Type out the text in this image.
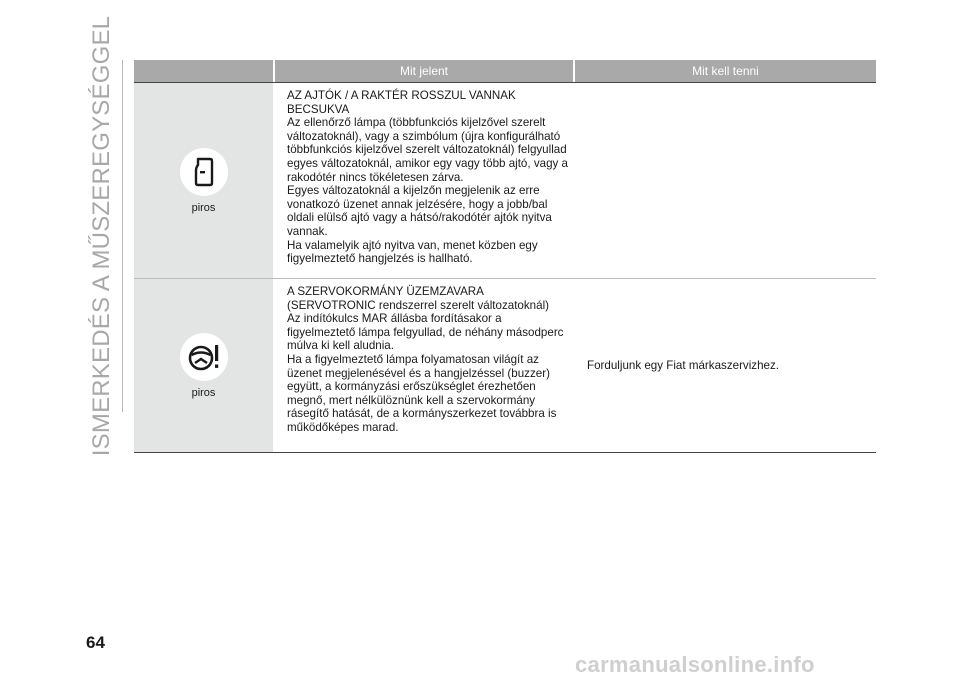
ISMERKEDÉS A MŰSZEREGYSÉGGEL	Mit jelent	Mit kell tenni
piros
AZ AJTÓK / A RAKTÉR ROSSZUL VANNAK BECSUKVA
Az ellenőrző lámpa (többfunkciós kijelzővel szerelt változatoknál), vagy a szimbólum (újra konfigurálható többfunkciós kijelzővel szerelt változatoknál) felgyullad egyes változatoknál, amikor egy vagy több ajtó, vagy a rakodótér nincs tökéletesen zárva.
Egyes változatoknál a kijelzőn megjelenik az erre vonatkozó üzenet annak jelzésére, hogy a jobb/bal oldali elülső ajtó vagy a hátsó/rakodótér ajtók nyitva vannak.
Ha valamelyik ajtó nyitva van, menet közben egy figyelmeztető hangjelzés is hallható.
piros
A SZERVOKORMÁNY ÜZEMZAVARA (SERVOTRONIC rendszerrel szerelt változatoknál)
Az indítókulcs MAR állásba fordításakor a figyelmeztető lámpa felgyullad, de néhány másodperc múlva ki kell aludnia.
Ha a figyelmeztető lámpa folyamatosan világít az üzenet megjelenésével és a hangjelzéssel (buzzer) együtt, a kormányzási erőszükséglet érezhetően megnő, mert nélkülöznünk kell a szervokormány rásegítő hatását, de a kormányszerkezet továbbra is működőképes marad.
Forduljunk egy Fiat márkaszervizhez.
64
carmanualsonline.info
